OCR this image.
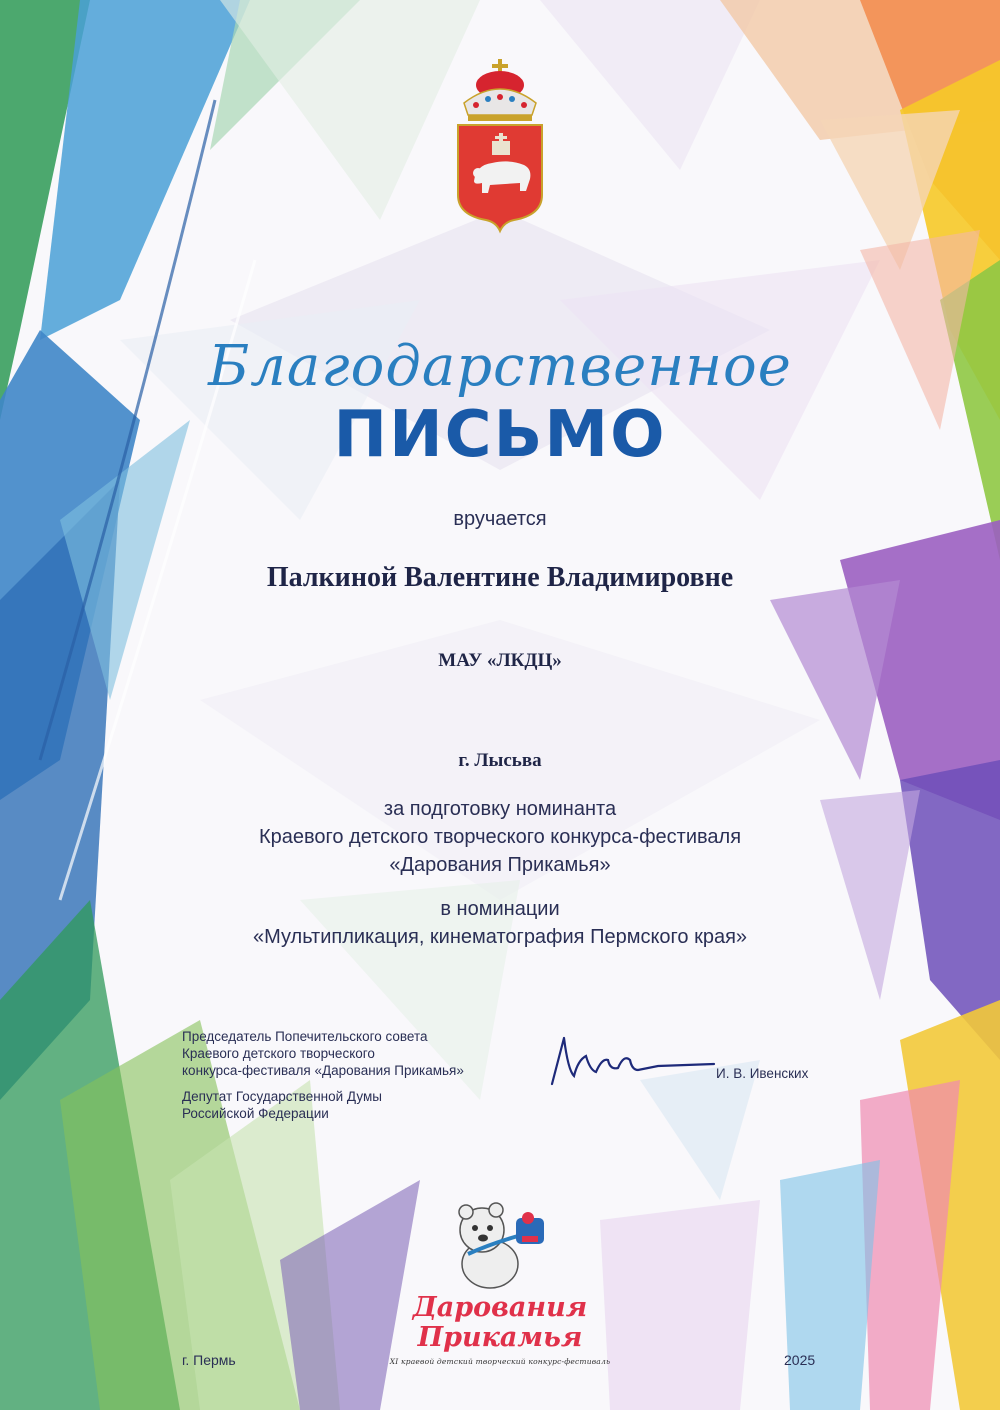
Благодарственное
ПИСЬМО
вручается
Палкиной Валентине Владимировне
МАУ «ЛКДЦ»
г. Лысьва
за подготовку номинанта
Краевого детского творческого конкурса-фестиваля
«Дарования Прикамья»
в номинации
«Мультипликация, кинематография Пермского края»
Председатель Попечительского совета
Краевого детского творческого
конкурса-фестиваля «Дарования Прикамья»
Депутат Государственной Думы
Российской Федерации
И. В. Ивенских
Дарования
Прикамья
XI краевой детский творческий конкурс-фестиваль
г. Пермь	2025
